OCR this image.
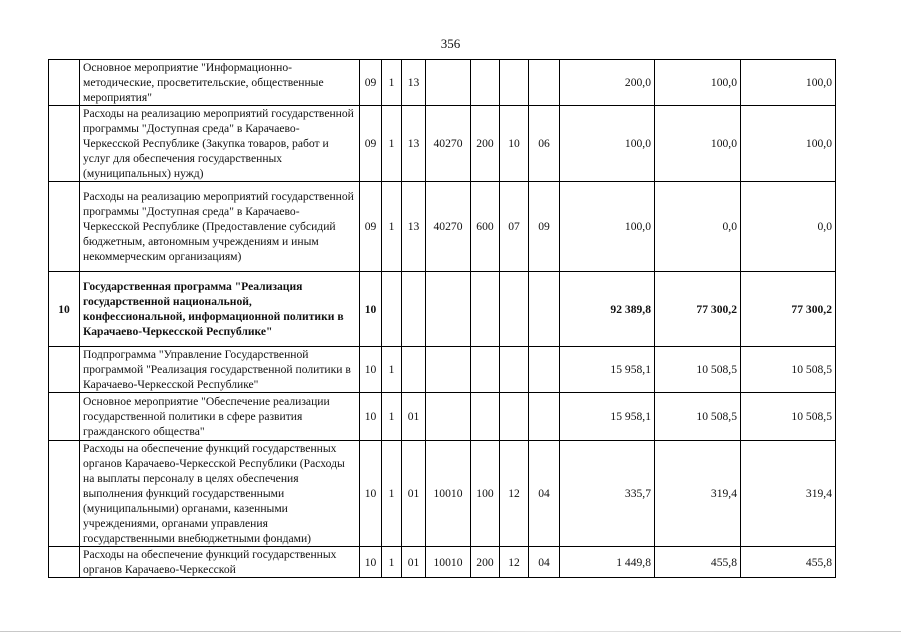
356
	Основное мероприятие "Информационно-методические, просветительские, общественные мероприятия"	09	1	13					200,0	100,0	100,0
	Расходы на реализацию мероприятий государственной программы "Доступная среда" в Карачаево-Черкесской Республике (Закупка товаров, работ и услуг для обеспечения государственных (муниципальных) нужд)	09	1	13	40270	200	10	06	100,0	100,0	100,0
	Расходы на реализацию мероприятий государственной программы "Доступная среда" в Карачаево-Черкесской Республике (Предоставление субсидий бюджетным, автономным учреждениям и иным некоммерческим организациям)	09	1	13	40270	600	07	09	100,0	0,0	0,0
10	Государственная программа "Реализация государственной национальной, конфессиональной, информационной политики в Карачаево-Черкесской Республике"	10							92 389,8	77 300,2	77 300,2
	Подпрограмма "Управление Государственной программой "Реализация государственной политики в Карачаево-Черкесской Республике"	10	1						15 958,1	10 508,5	10 508,5
	Основное мероприятие "Обеспечение реализации государственной политики в сфере развития гражданского общества"	10	1	01					15 958,1	10 508,5	10 508,5
	Расходы на обеспечение функций государственных органов Карачаево-Черкесской Республики (Расходы на выплаты персоналу в целях обеспечения выполнения функций государственными (муниципальными) органами, казенными учреждениями, органами управления государственными внебюджетными фондами)	10	1	01	10010	100	12	04	335,7	319,4	319,4
	Расходы на обеспечение функций государственных органов Карачаево-Черкесской	10	1	01	10010	200	12	04	1 449,8	455,8	455,8
